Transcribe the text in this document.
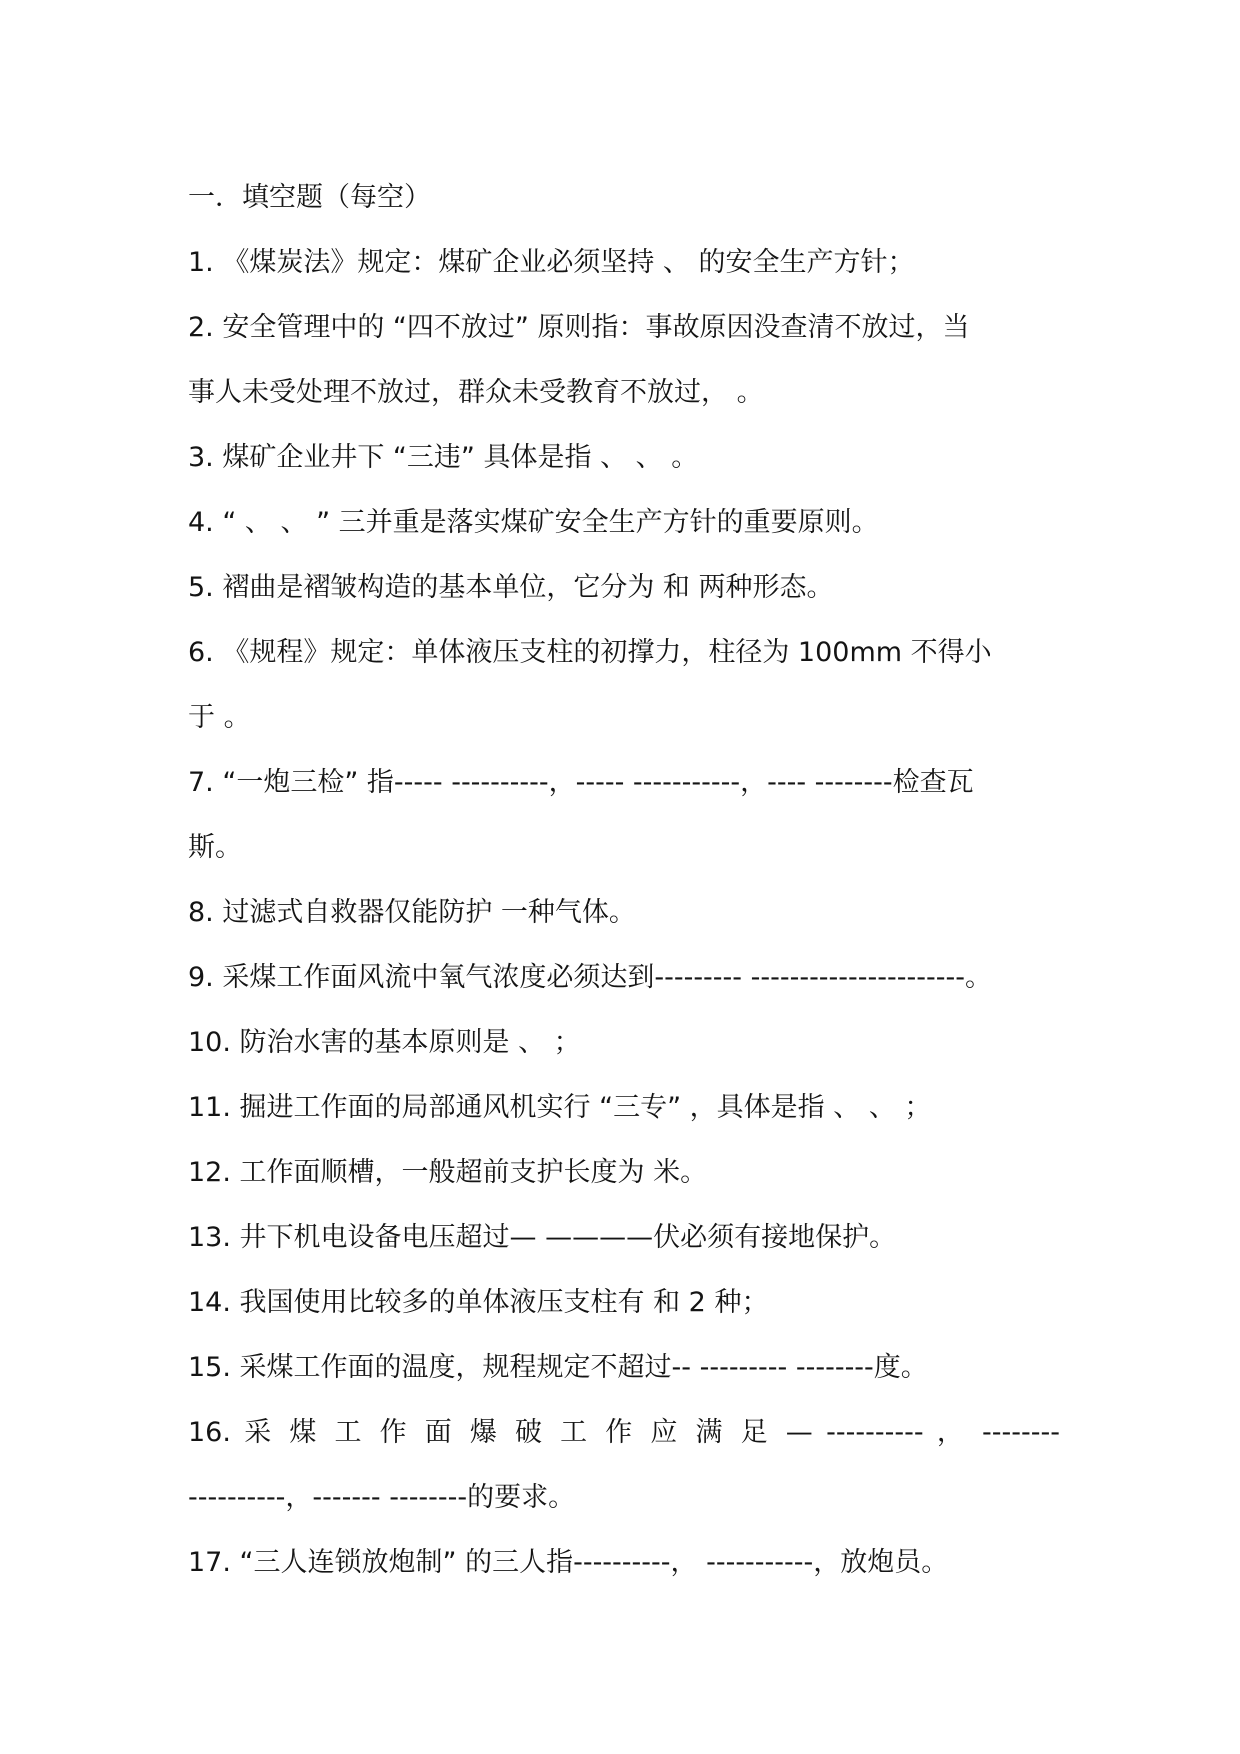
一．填空题（每空）
1. 《煤炭法》规定：煤矿企业必须坚持 、 的安全生产方针；
2. 安全管理中的 “四不放过” 原则指：事故原因没查清不放过，当
事人未受处理不放过，群众未受教育不放过， 。
3. 煤矿企业井下 “三违” 具体是指 、 、 。
4. “ 、 、 ” 三并重是落实煤矿安全生产方针的重要原则。
5. 褶曲是褶皱构造的基本单位，它分为 和 两种形态。
6. 《规程》规定：单体液压支柱的初撑力，柱径为 100mm 不得小
于 。
7. “一炮三检” 指----- ----------，----- -----------，---- --------检查瓦
斯。
8. 过滤式自救器仅能防护 一种气体。
9. 采煤工作面风流中氧气浓度必须达到--------- ----------------------。
10. 防治水害的基本原则是 、 ；
11. 掘进工作面的局部通风机实行 “三专” ，具体是指 、 、 ；
12. 工作面顺槽，一般超前支护长度为 米。
13. 井下机电设备电压超过— ————伏必须有接地保护。
14. 我国使用比较多的单体液压支柱有 和 2 种；
15. 采煤工作面的温度，规程规定不超过-- --------- --------度。
16. 采 煤 工 作 面 爆 破 工 作 应 满 足 — ---------- ， --------
----------，------- --------的要求。
17. “三人连锁放炮制” 的三人指----------， -----------，放炮员。
